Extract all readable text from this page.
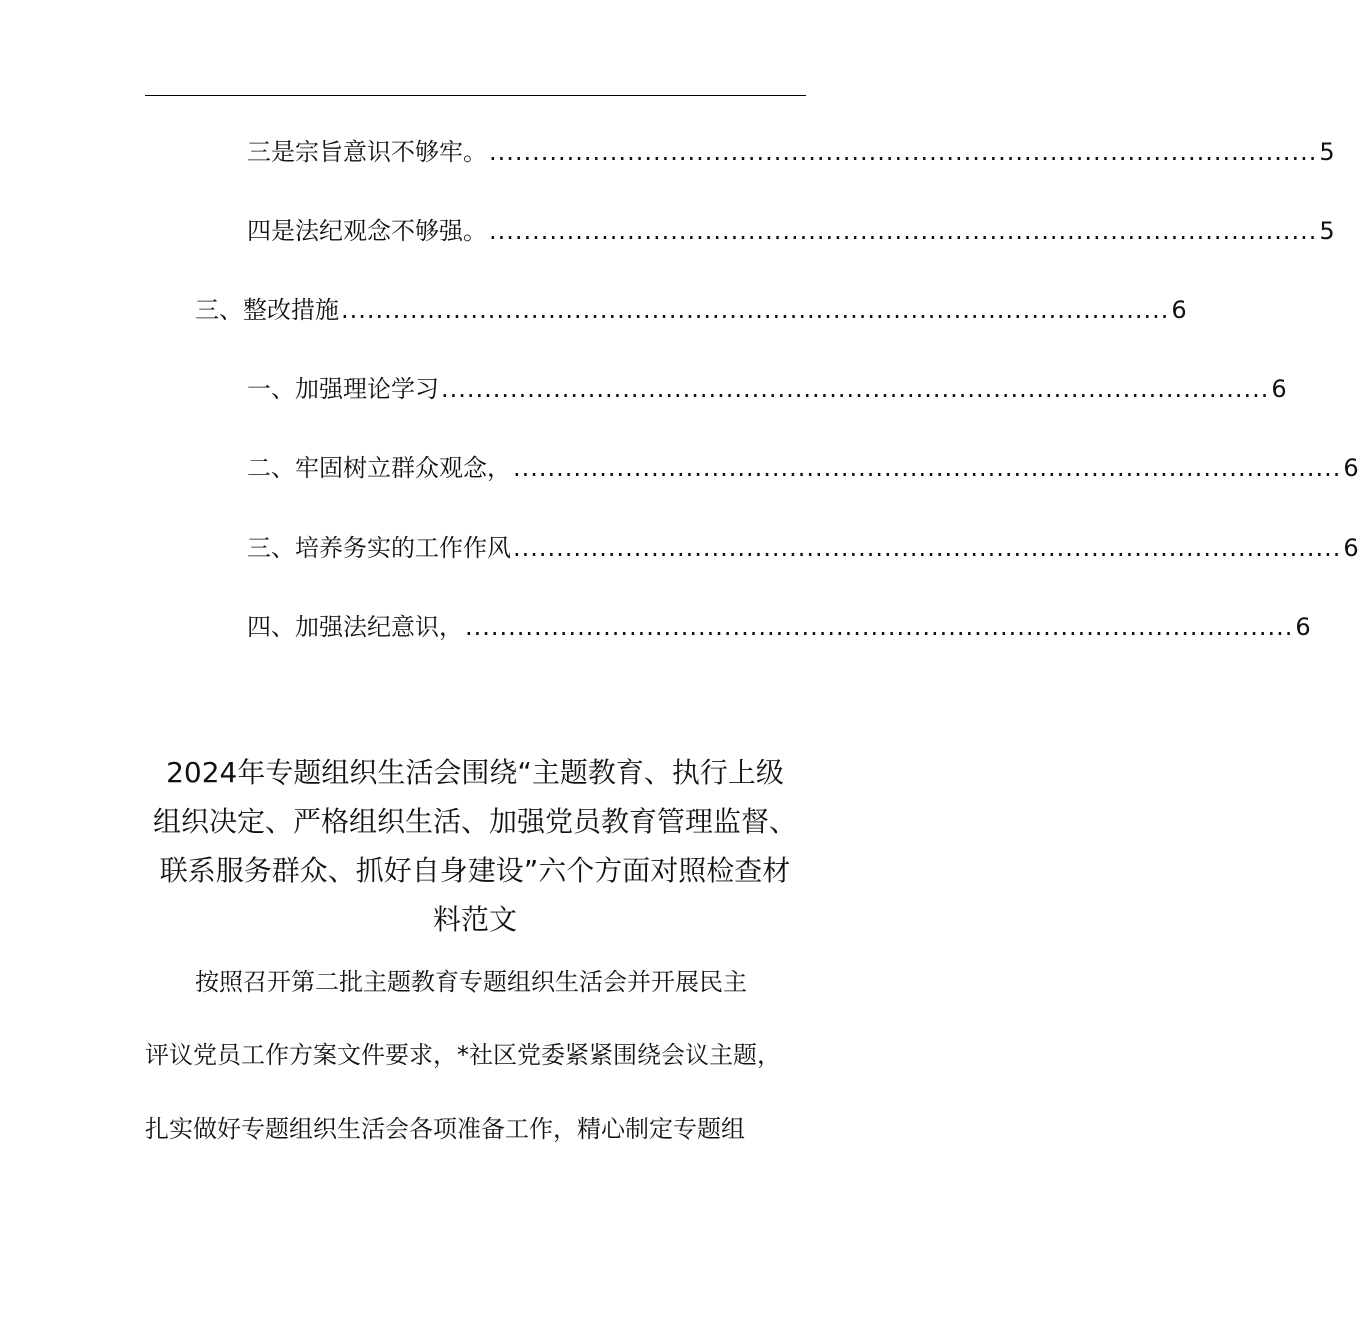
三是宗旨意识不够牢。 ................................................................................................ 5
四是法纪观念不够强。 ................................................................................................ 5
三、整改措施 ................................................................................................ 6
一、加强理论学习 ................................................................................................ 6
二、牢固树立群众观念， ................................................................................................ 6
三、培养务实的工作作风 ................................................................................................ 6
四、加强法纪意识， ................................................................................................ 6
2024年专题组织生活会围绕“主题教育、执行上级
组织决定、严格组织生活、加强党员教育管理监督、
联系服务群众、抓好自身建设”六个方面对照检查材
料范文
按照召开第二批主题教育专题组织生活会并开展民主
评议党员工作方案文件要求，*社区党委紧紧围绕会议主题，
扎实做好专题组织生活会各项准备工作，精心制定专题组
